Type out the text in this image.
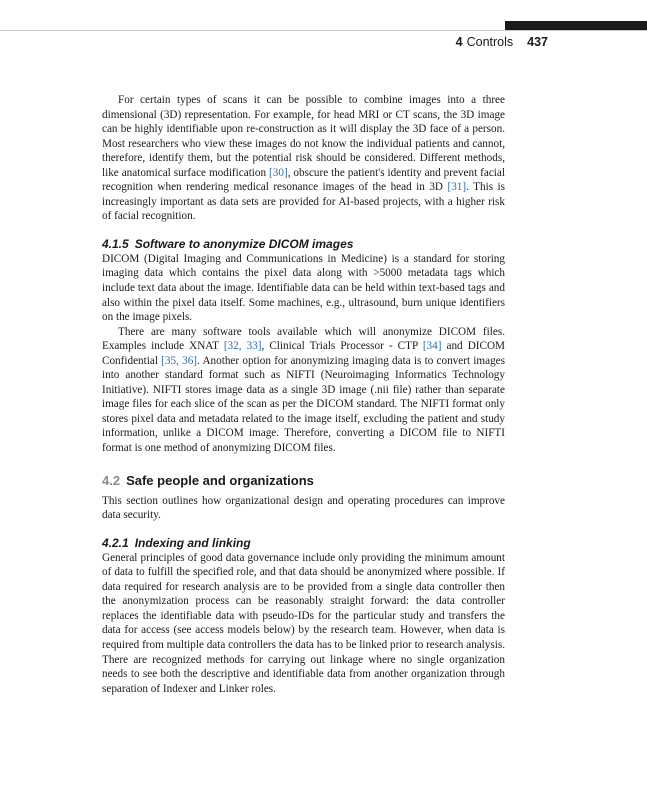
4 Controls 437

For certain types of scans it can be possible to combine images into a three dimensional (3D) representation. For example, for head MRI or CT scans, the 3D image can be highly identifiable upon re-construction as it will display the 3D face of a person. Most researchers who view these images do not know the individual patients and cannot, therefore, identify them, but the potential risk should be considered. Different methods, like anatomical surface modification [30], obscure the patient's identity and prevent facial recognition when rendering medical resonance images of the head in 3D [31]. This is increasingly important as data sets are provided for AI-based projects, with a higher risk of facial recognition.

4.1.5 Software to anonymize DICOM images

DICOM (Digital Imaging and Communications in Medicine) is a standard for storing imaging data which contains the pixel data along with >5000 metadata tags which include text data about the image. Identifiable data can be held within text-based tags and also within the pixel data itself. Some machines, e.g., ultrasound, burn unique identifiers on the image pixels.

There are many software tools available which will anonymize DICOM files. Examples include XNAT [32, 33], Clinical Trials Processor - CTP [34] and DICOM Confidential [35, 36]. Another option for anonymizing imaging data is to convert images into another standard format such as NIFTI (Neuroimaging Informatics Technology Initiative). NIFTI stores image data as a single 3D image (.nii file) rather than separate image files for each slice of the scan as per the DICOM standard. The NIFTI format only stores pixel data and metadata related to the image itself, excluding the patient and study information, unlike a DICOM image. Therefore, converting a DICOM file to NIFTI format is one method of anonymizing DICOM files.

4.2 Safe people and organizations

This section outlines how organizational design and operating procedures can improve data security.

4.2.1 Indexing and linking

General principles of good data governance include only providing the minimum amount of data to fulfill the specified role, and that data should be anonymized where possible. If data required for research analysis are to be provided from a single data controller then the anonymization process can be reasonably straight forward: the data controller replaces the identifiable data with pseudo-IDs for the particular study and transfers the data for access (see access models below) by the research team. However, when data is required from multiple data controllers the data has to be linked prior to research analysis. There are recognized methods for carrying out linkage where no single organization needs to see both the descriptive and identifiable data from another organization through separation of Indexer and Linker roles.
